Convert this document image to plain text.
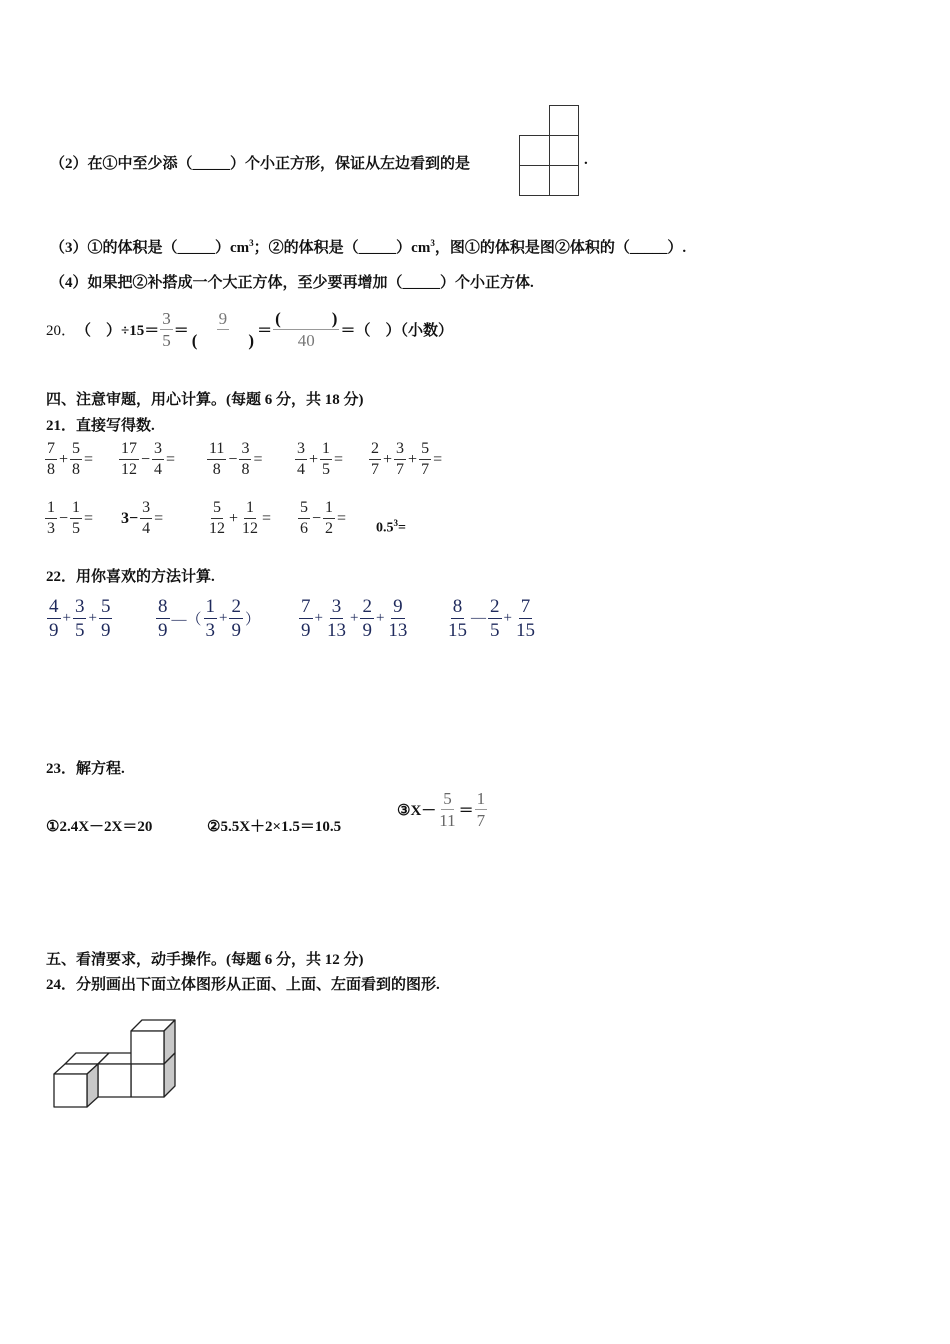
（2）在①中至少添（_____）个小正方形，保证从左边看到的是	.
（3）①的体积是$(\_\_\_\_\_)cm^3$；②的体积是$(\_\_\_\_\_)cm^3$，图①的体积是图②体积的（_____）.
（4）如果把②补搭成一个大正方体，至少要再增加（_____）个小正方体.
20． （　）$\div 15= \frac{3}{5} = \frac{9}{( )} = \frac{( )}{40}$ ＝（　）（小数）
四、注意审题，用心计算。(每题 6 分，共 18 分)
21．直接写得数.
$\frac{7}{8} + \frac{5}{8} = \frac{17}{12} - \frac{3}{4} = \frac{11}{8} - \frac{3}{8} = \frac{3}{4} + \frac{1}{5} = \frac{2}{7} + \frac{3}{7} + \frac{5}{7}$ =
$\frac{1}{3} - \frac{1}{5} = 3- \frac{3}{4}$ =	$\frac{5}{12} + \frac{1}{12} = \frac{5}{6} - \frac{1}{2}$ =
$0.5^3=$
22．用你喜欢的方法计算.
$\frac{4}{9} + \frac{3}{5} + \frac{5}{9} \frac{8}{9}$ —（ $\frac{1}{3} + \frac{2}{9}$ ） $\frac{7}{9} + \frac{3}{13} + \frac{2}{9} + \frac{9}{13} \frac{8}{15}$ — $\frac{2}{5} + \frac{7}{15}$
23．解方程.
①2.4X－2X＝20	②5.5X＋2×1.5＝10.5
③X－ $\frac{5}{11} = \frac{1}{7}$
五、看清要求，动手操作。(每题 6 分，共 12 分)
24．分别画出下面立体图形从正面、上面、左面看到的图形.
